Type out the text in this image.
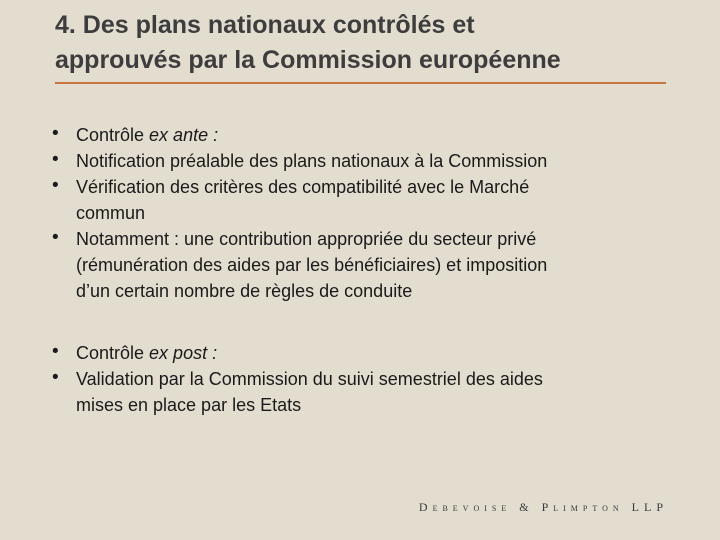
4. Des plans nationaux contrôlés et
approuvés par la Commission européenne
• Contrôle ex ante :
• Notification préalable des plans nationaux à la Commission
• Vérification des critères des compatibilité avec le Marché
commun
• Notamment : une contribution appropriée du secteur privé
(rémunération des aides par les bénéficiaires) et imposition
d’un certain nombre de règles de conduite
• Contrôle ex post :
• Validation par la Commission du suivi semestriel des aides
mises en place par les Etats
Debevoise & Plimpton LLP
